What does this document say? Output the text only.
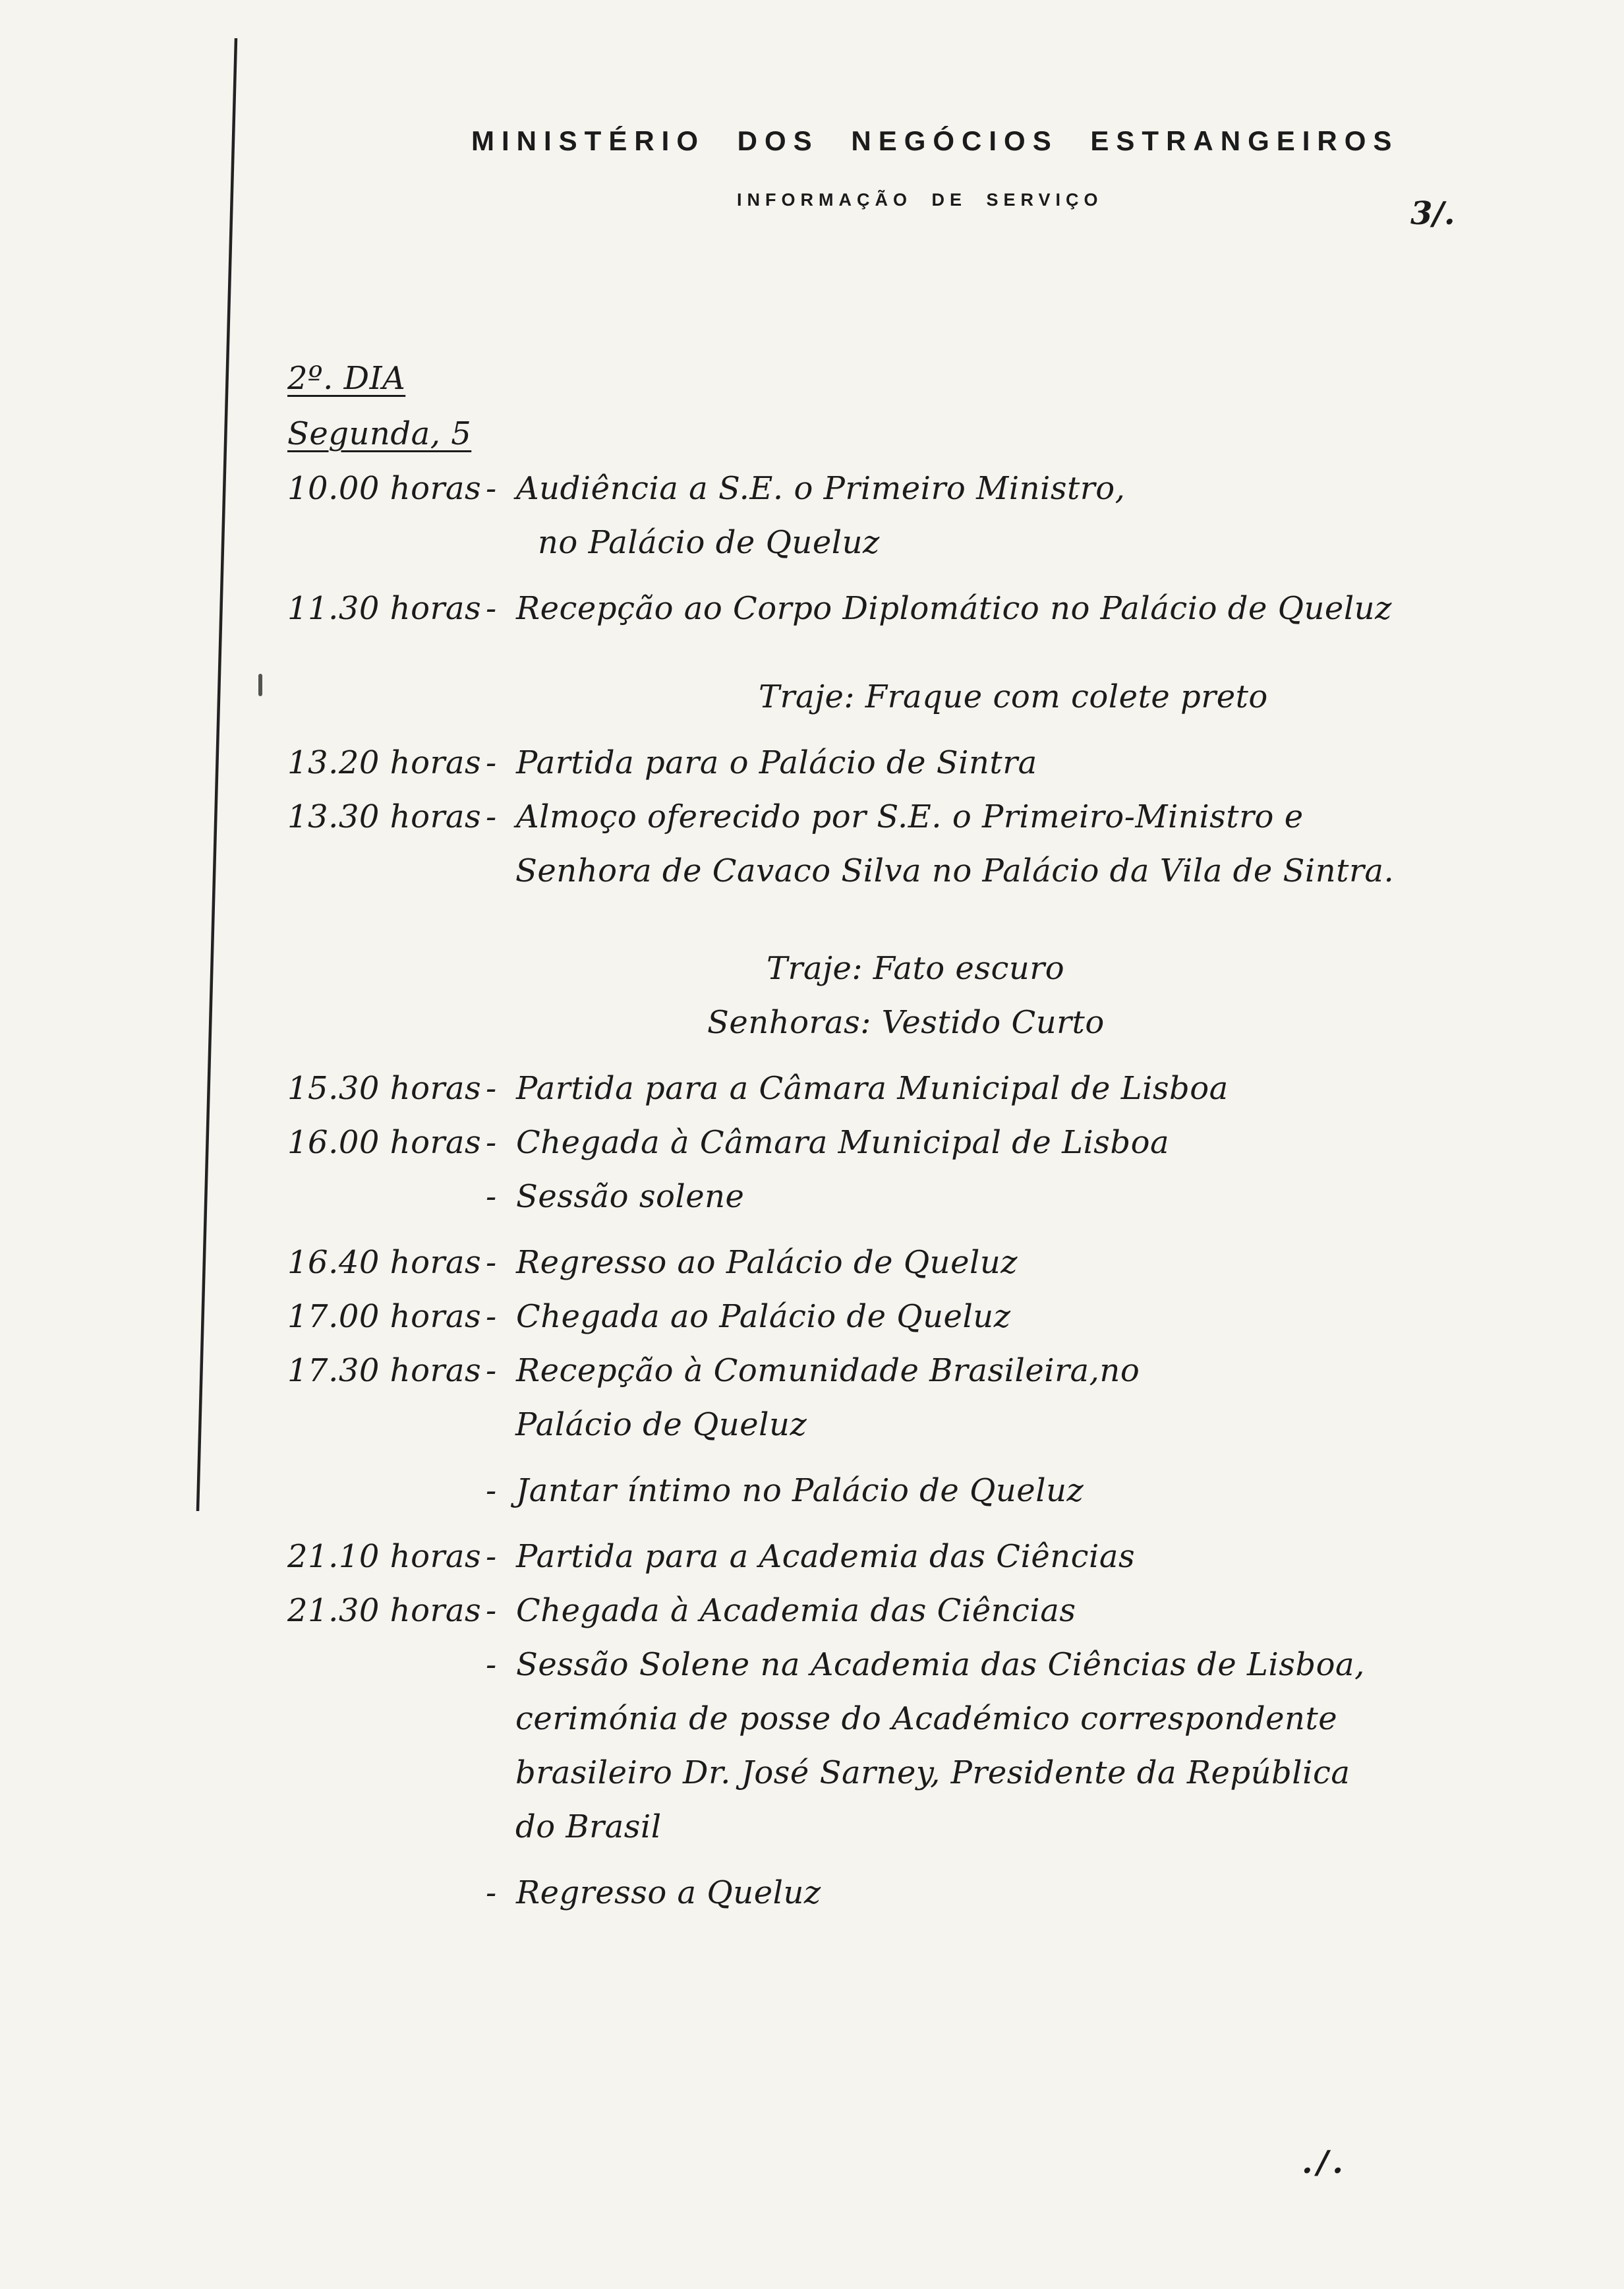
MINISTÉRIO DOS NEGÓCIOS ESTRANGEIROS
INFORMAÇÃO DE SERVIÇO	3/.
2º. DIA
Segunda, 5
10.00 horas - Audiência a S.E. o Primeiro Ministro,
no Palácio de Queluz
11.30 horas - Recepção ao Corpo Diplomático no Palácio de Queluz
Traje: Fraque com colete preto
13.20 horas - Partida para o Palácio de Sintra
13.30 horas - Almoço oferecido por S.E. o Primeiro-Ministro e
Senhora de Cavaco Silva no Palácio da Vila de Sintra.
Traje: Fato escuro
Senhoras: Vestido Curto
15.30 horas - Partida para a Câmara Municipal de Lisboa
16.00 horas - Chegada à Câmara Municipal de Lisboa
- Sessão solene
16.40 horas - Regresso ao Palácio de Queluz
17.00 horas - Chegada ao Palácio de Queluz
17.30 horas - Recepção à Comunidade Brasileira,no
Palácio de Queluz
- Jantar íntimo no Palácio de Queluz
21.10 horas - Partida para a Academia das Ciências
21.30 horas - Chegada à Academia das Ciências
- Sessão Solene na Academia das Ciências de Lisboa,
cerimónia de posse do Académico correspondente
brasileiro Dr. José Sarney, Presidente da República
do Brasil
- Regresso a Queluz
./.
